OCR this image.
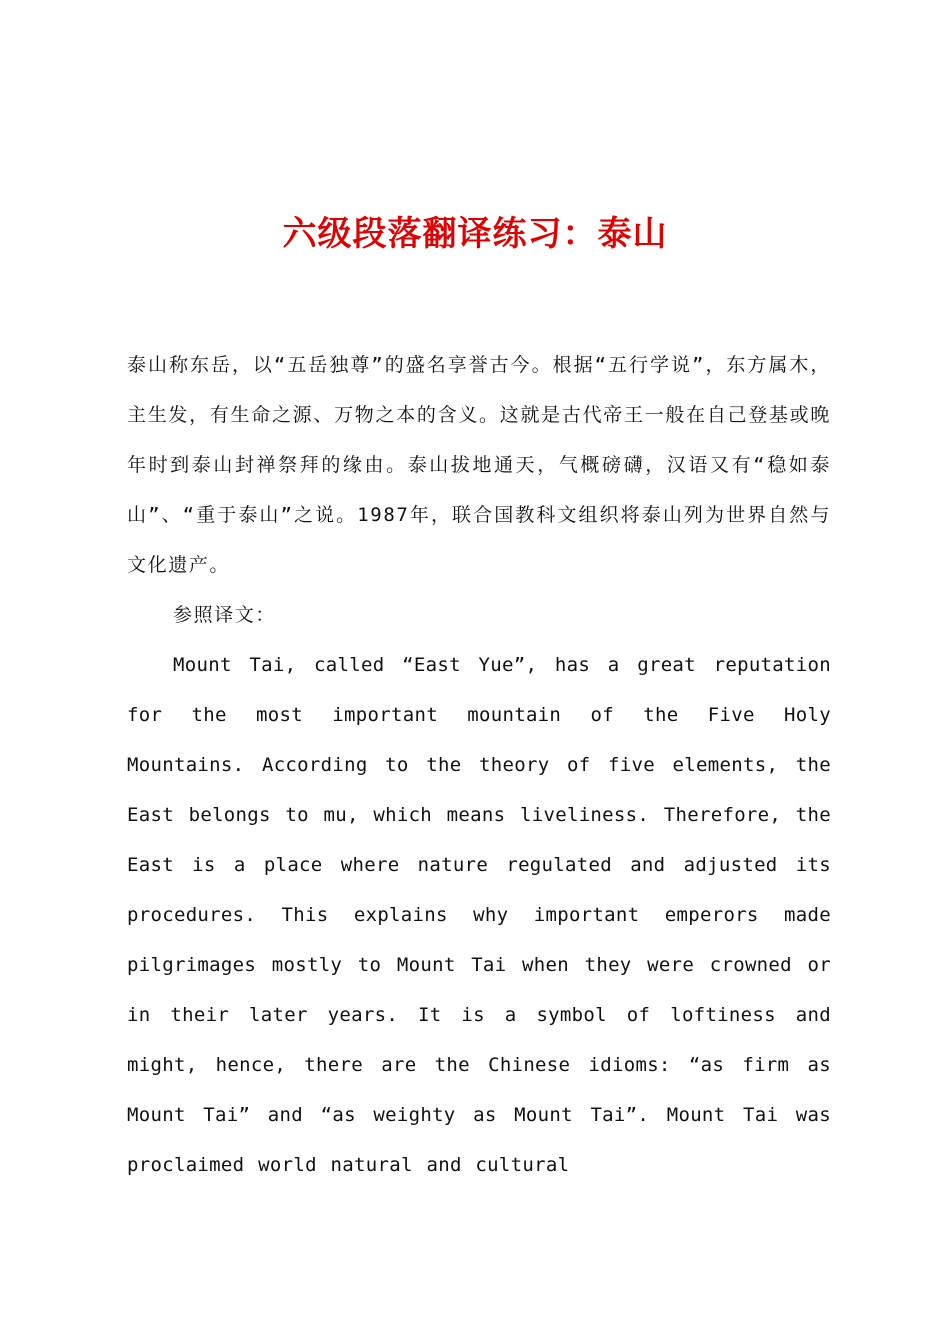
六级段落翻译练习：泰山

泰山称东岳，以“五岳独尊”的盛名享誉古今。根据“五行学说”，东方属木，主生发，有生命之源、万物之本的含义。这就是古代帝王一般在自己登基或晚年时到泰山封禅祭拜的缘由。泰山拔地通天，气概磅礴，汉语又有“稳如泰山”、“重于泰山”之说。1987年，联合国教科文组织将泰山列为世界自然与文化遗产。

参照译文：

Mount Tai, called “East Yue”, has a great reputation for the most important mountain of the Five Holy Mountains. According to the theory of five elements, the East belongs to mu, which means liveliness. Therefore, the East is a place where nature regulated and adjusted its procedures. This explains why important emperors made pilgrimages mostly to Mount Tai when they were crowned or in their later years. It is a symbol of loftiness and might, hence, there are the Chinese idioms: “as firm as Mount Tai” and “as weighty as Mount Tai”. Mount Tai was proclaimed world natural and cultural
